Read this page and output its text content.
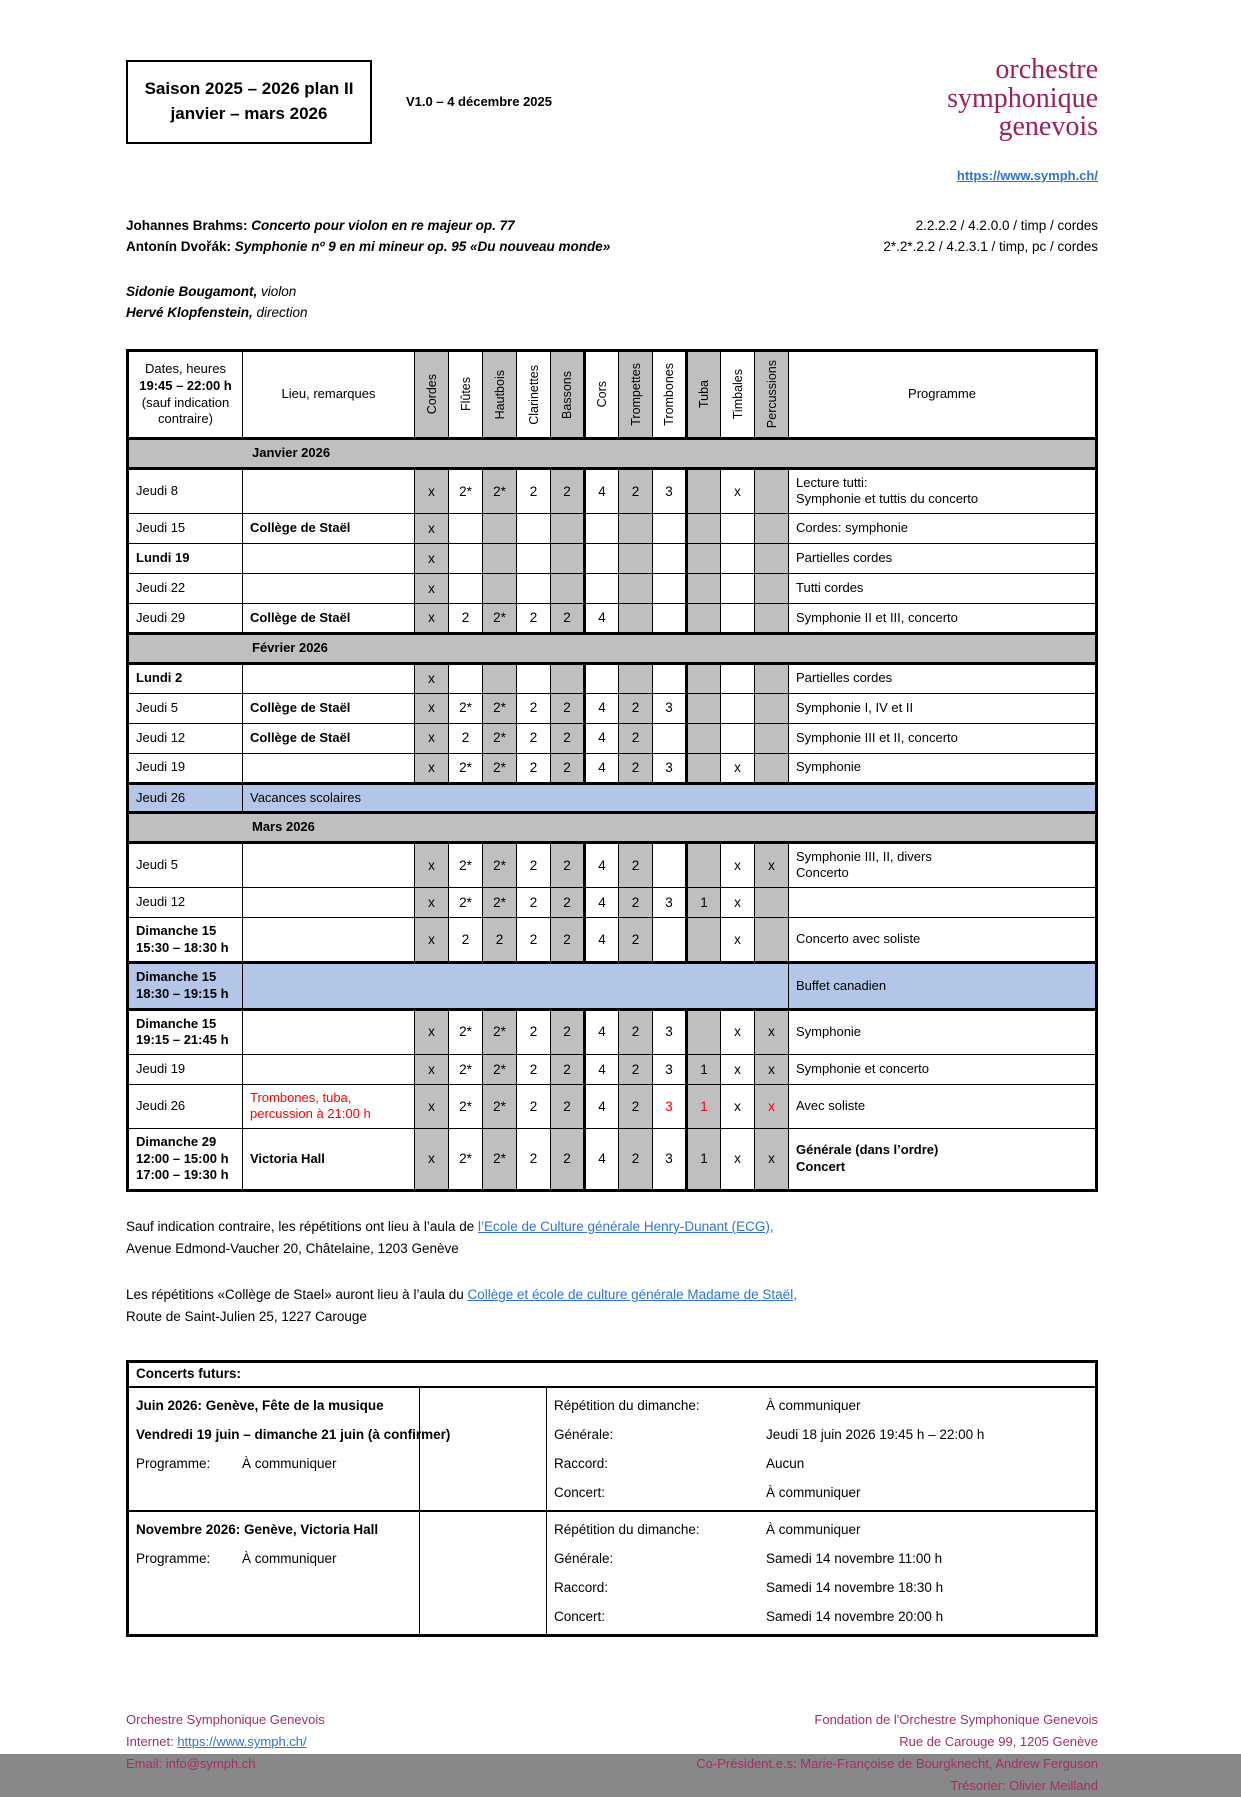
Saison 2025 – 2026 plan II
janvier – mars 2026
V1.0 – 4 décembre 2025
orchestre
symphonique
genevois
https://www.symph.ch/
Johannes Brahms: Concerto pour violon en re majeur op. 77	2.2.2.2 / 4.2.0.0 / timp / cordes
Antonín Dvořák: Symphonie nº 9 en mi mineur op. 95 «Du nouveau monde»	2*.2*.2.2 / 4.2.3.1 / timp, pc / cordes
Sidonie Bougamont, violon
Hervé Klopfenstein, direction
Dates, heures
19:45 – 22:00 h
(sauf indication
contraire)	Lieu, remarques	Cordes	Flûtes	Hautbois	Clarinettes	Bassons	Cors	Trompettes	Trombones	Tuba	Timbales	Percussions	Programme
Janvier 2026													

Jeudi 8		x	2*	2*	2	2	4	2	3		x		Lecture tutti:
Symphonie et tuttis du concerto

Jeudi 15	Collège de Staël	x											Cordes: symphonie

Lundi 19		x											Partielles cordes

Jeudi 22		x											Tutti cordes

Jeudi 29	Collège de Staël	x	2	2*	2	2	4						Symphonie II et III, concerto

Février 2026													

Lundi 2		x											Partielles cordes

Jeudi 5	Collège de Staël	x	2*	2*	2	2	4	2	3				Symphonie I, IV et II

Jeudi 12	Collège de Staël	x	2	2*	2	2	4	2					Symphonie III et II, concerto

Jeudi 19		x	2*	2*	2	2	4	2	3		x		Symphonie

Jeudi 26	Vacances scolaires												
Mars 2026													

Jeudi 5		x	2*	2*	2	2	4	2			x	x	Symphonie III, II, divers
Concerto

Jeudi 12		x	2*	2*	2	2	4	2	3	1	x		

Dimanche 15
15:30 – 18:30 h		x	2	2	2	2	4	2			x		Concerto avec soliste

Dimanche 15
18:30 – 19:15 h													Buffet canadien

Dimanche 15
19:15 – 21:45 h		x	2*	2*	2	2	4	2	3		x	x	Symphonie

Jeudi 19		x	2*	2*	2	2	4	2	3	1	x	x	Symphonie et concerto

Jeudi 26	Trombones, tuba,
percussion à 21:00 h	x	2*	2*	2	2	4	2	3	1	x	x	Avec soliste

Dimanche 29
12:00 – 15:00 h
17:00 – 19:30 h

Victoria Hall	x	2*	2*	2	2	4	2	3	1	x	x	
Générale (dans l’ordre)
Concert
Sauf indication contraire, les répétitions ont lieu à l’aula de l’Ecole de Culture générale Henry-Dunant (ECG),
Avenue Edmond-Vaucher 20, Châtelaine, 1203 Genève
Les répétitions «Collège de Stael» auront lieu à l’aula du Collège et école de culture générale Madame de Staël,
Route de Saint-Julien 25, 1227 Carouge
Concerts futurs:		

Juin 2026: Genève, Fête de la musique
Vendredi 19 juin – dimanche 21 juin (à confirmer)
Programme: À communiquer

Répétition du dimanche:	À communiquer
Générale:	Jeudi 18 juin 2026 19:45 h – 22:00 h
Raccord:	Aucun
Concert:	À communiquer

Novembre 2026: Genève, Victoria Hall
Programme: À communiquer

Répétition du dimanche:	À communiquer
Générale:	Samedi 14 novembre 11:00 h
Raccord:	Samedi 14 novembre 18:30 h
Concert:	Samedi 14 novembre 20:00 h
Orchestre Symphonique Genevois
Internet: https://www.symph.ch/
Email: info@symph.ch
Fondation de l'Orchestre Symphonique Genevois
Rue de Carouge 99, 1205 Genève
Co-Président.e.s: Marie-Françoise de Bourgknecht, Andrew Ferguson
Trésorier: Olivier Meilland
